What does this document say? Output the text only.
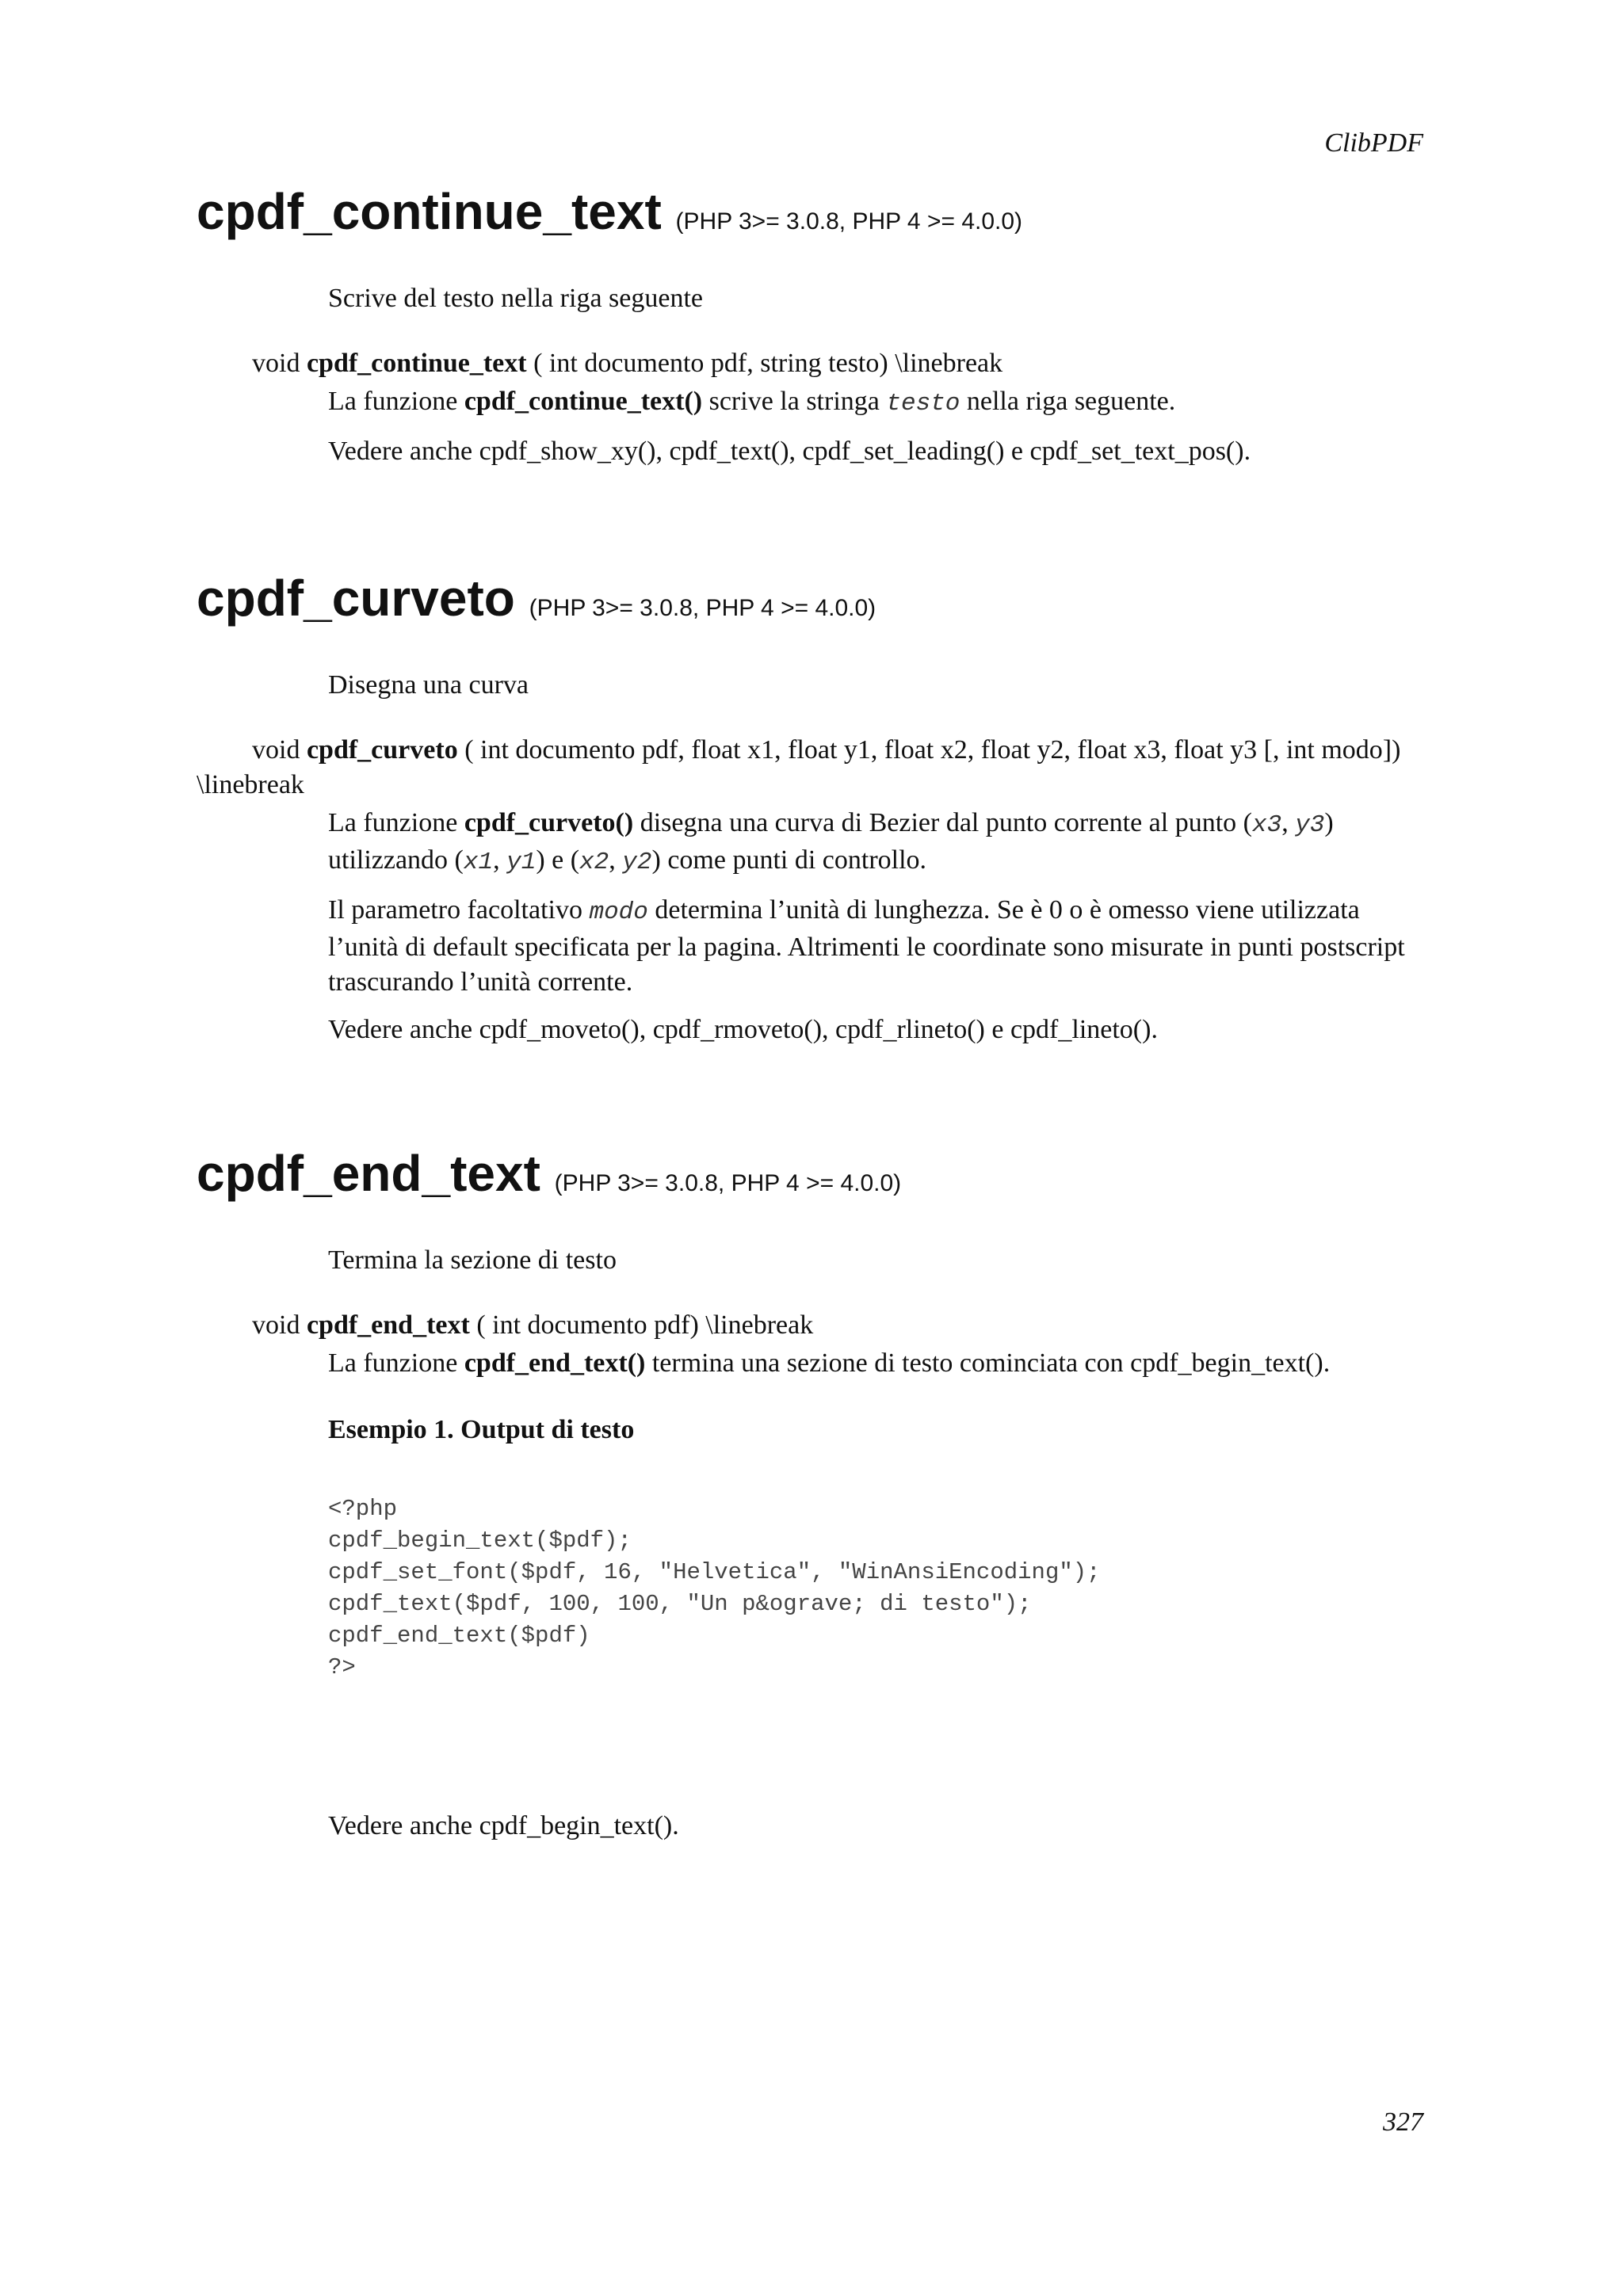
ClibPDF
cpdf_continue_text (PHP 3>= 3.0.8, PHP 4 >= 4.0.0)

Scrive del testo nella riga seguente

void cpdf_continue_text ( int documento pdf, string testo) \linebreak

La funzione cpdf_continue_text() scrive la stringa testo nella riga seguente.

Vedere anche cpdf_show_xy(), cpdf_text(), cpdf_set_leading() e cpdf_set_text_pos().

cpdf_curveto (PHP 3>= 3.0.8, PHP 4 >= 4.0.0)

Disegna una curva

void cpdf_curveto ( int documento pdf, float x1, float y1, float x2, float y2, float x3, float y3 [, int modo]) \linebreak

La funzione cpdf_curveto() disegna una curva di Bezier dal punto corrente al punto (x3, y3) utilizzando (x1, y1) e (x2, y2) come punti di controllo.

Il parametro facoltativo modo determina l’unità di lunghezza. Se è 0 o è omesso viene utilizzata l’unità di default specificata per la pagina. Altrimenti le coordinate sono misurate in punti postscript trascurando l’unità corrente.

Vedere anche cpdf_moveto(), cpdf_rmoveto(), cpdf_rlineto() e cpdf_lineto().

cpdf_end_text (PHP 3>= 3.0.8, PHP 4 >= 4.0.0)

Termina la sezione di testo

void cpdf_end_text ( int documento pdf) \linebreak

La funzione cpdf_end_text() termina una sezione di testo cominciata con cpdf_begin_text().

Esempio 1. Output di testo

<?php
cpdf_begin_text($pdf);
cpdf_set_font($pdf, 16, "Helvetica", "WinAnsiEncoding");
cpdf_text($pdf, 100, 100, "Un p&ograve; di testo");
cpdf_end_text($pdf)
?>

Vedere anche cpdf_begin_text().

327
